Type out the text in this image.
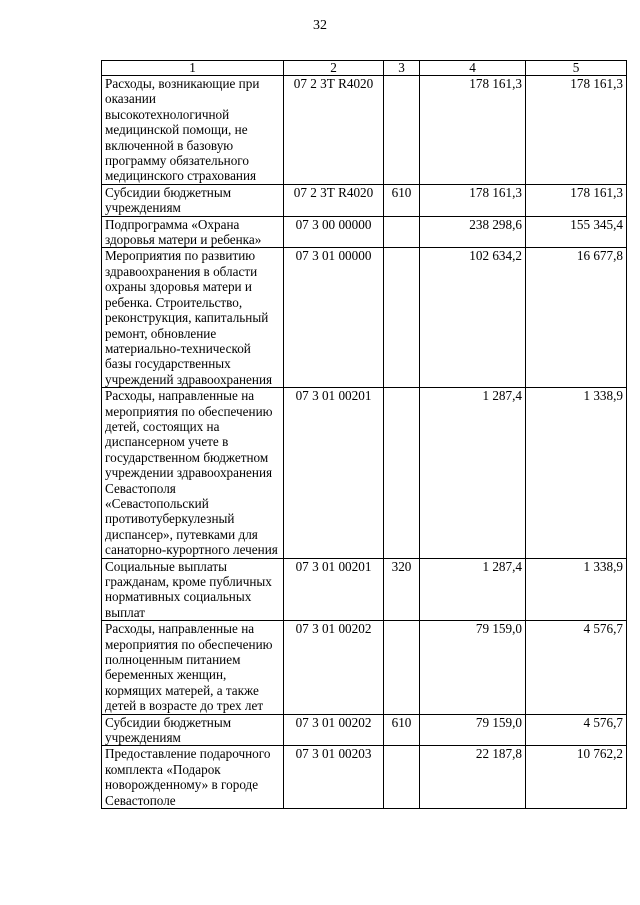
32
1	2	3	4	5
Расходы, возникающие при оказании высокотехнологичной медицинской помощи, не включенной в базовую программу обязательного медицинского страхования	07 2 3Т R4020		178 161,3	178 161,3
Субсидии бюджетным учреждениям	07 2 3Т R4020	610	178 161,3	178 161,3
Подпрограмма «Охрана здоровья матери и ребенка»	07 3 00 00000		238 298,6	155 345,4
Мероприятия по развитию здравоохранения в области охраны здоровья матери и ребенка. Строительство, реконструкция, капитальный ремонт, обновление материально-технической базы государственных учреждений здравоохранения	07 3 01 00000		102 634,2	16 677,8
Расходы, направленные на мероприятия по обеспечению детей, состоящих на диспансерном учете в государственном бюджетном учреждении здравоохранения Севастополя «Севастопольский противотуберкулезный диспансер», путевками для санаторно-курортного лечения	07 3 01 00201		1 287,4	1 338,9
Социальные выплаты гражданам, кроме публичных нормативных социальных выплат	07 3 01 00201	320	1 287,4	1 338,9
Расходы, направленные на мероприятия по обеспечению полноценным питанием беременных женщин, кормящих матерей, а также детей в возрасте до трех лет	07 3 01 00202		79 159,0	4 576,7
Субсидии бюджетным учреждениям	07 3 01 00202	610	79 159,0	4 576,7
Предоставление подарочного комплекта «Подарок новорожденному» в городе Севастополе	07 3 01 00203		22 187,8	10 762,2
